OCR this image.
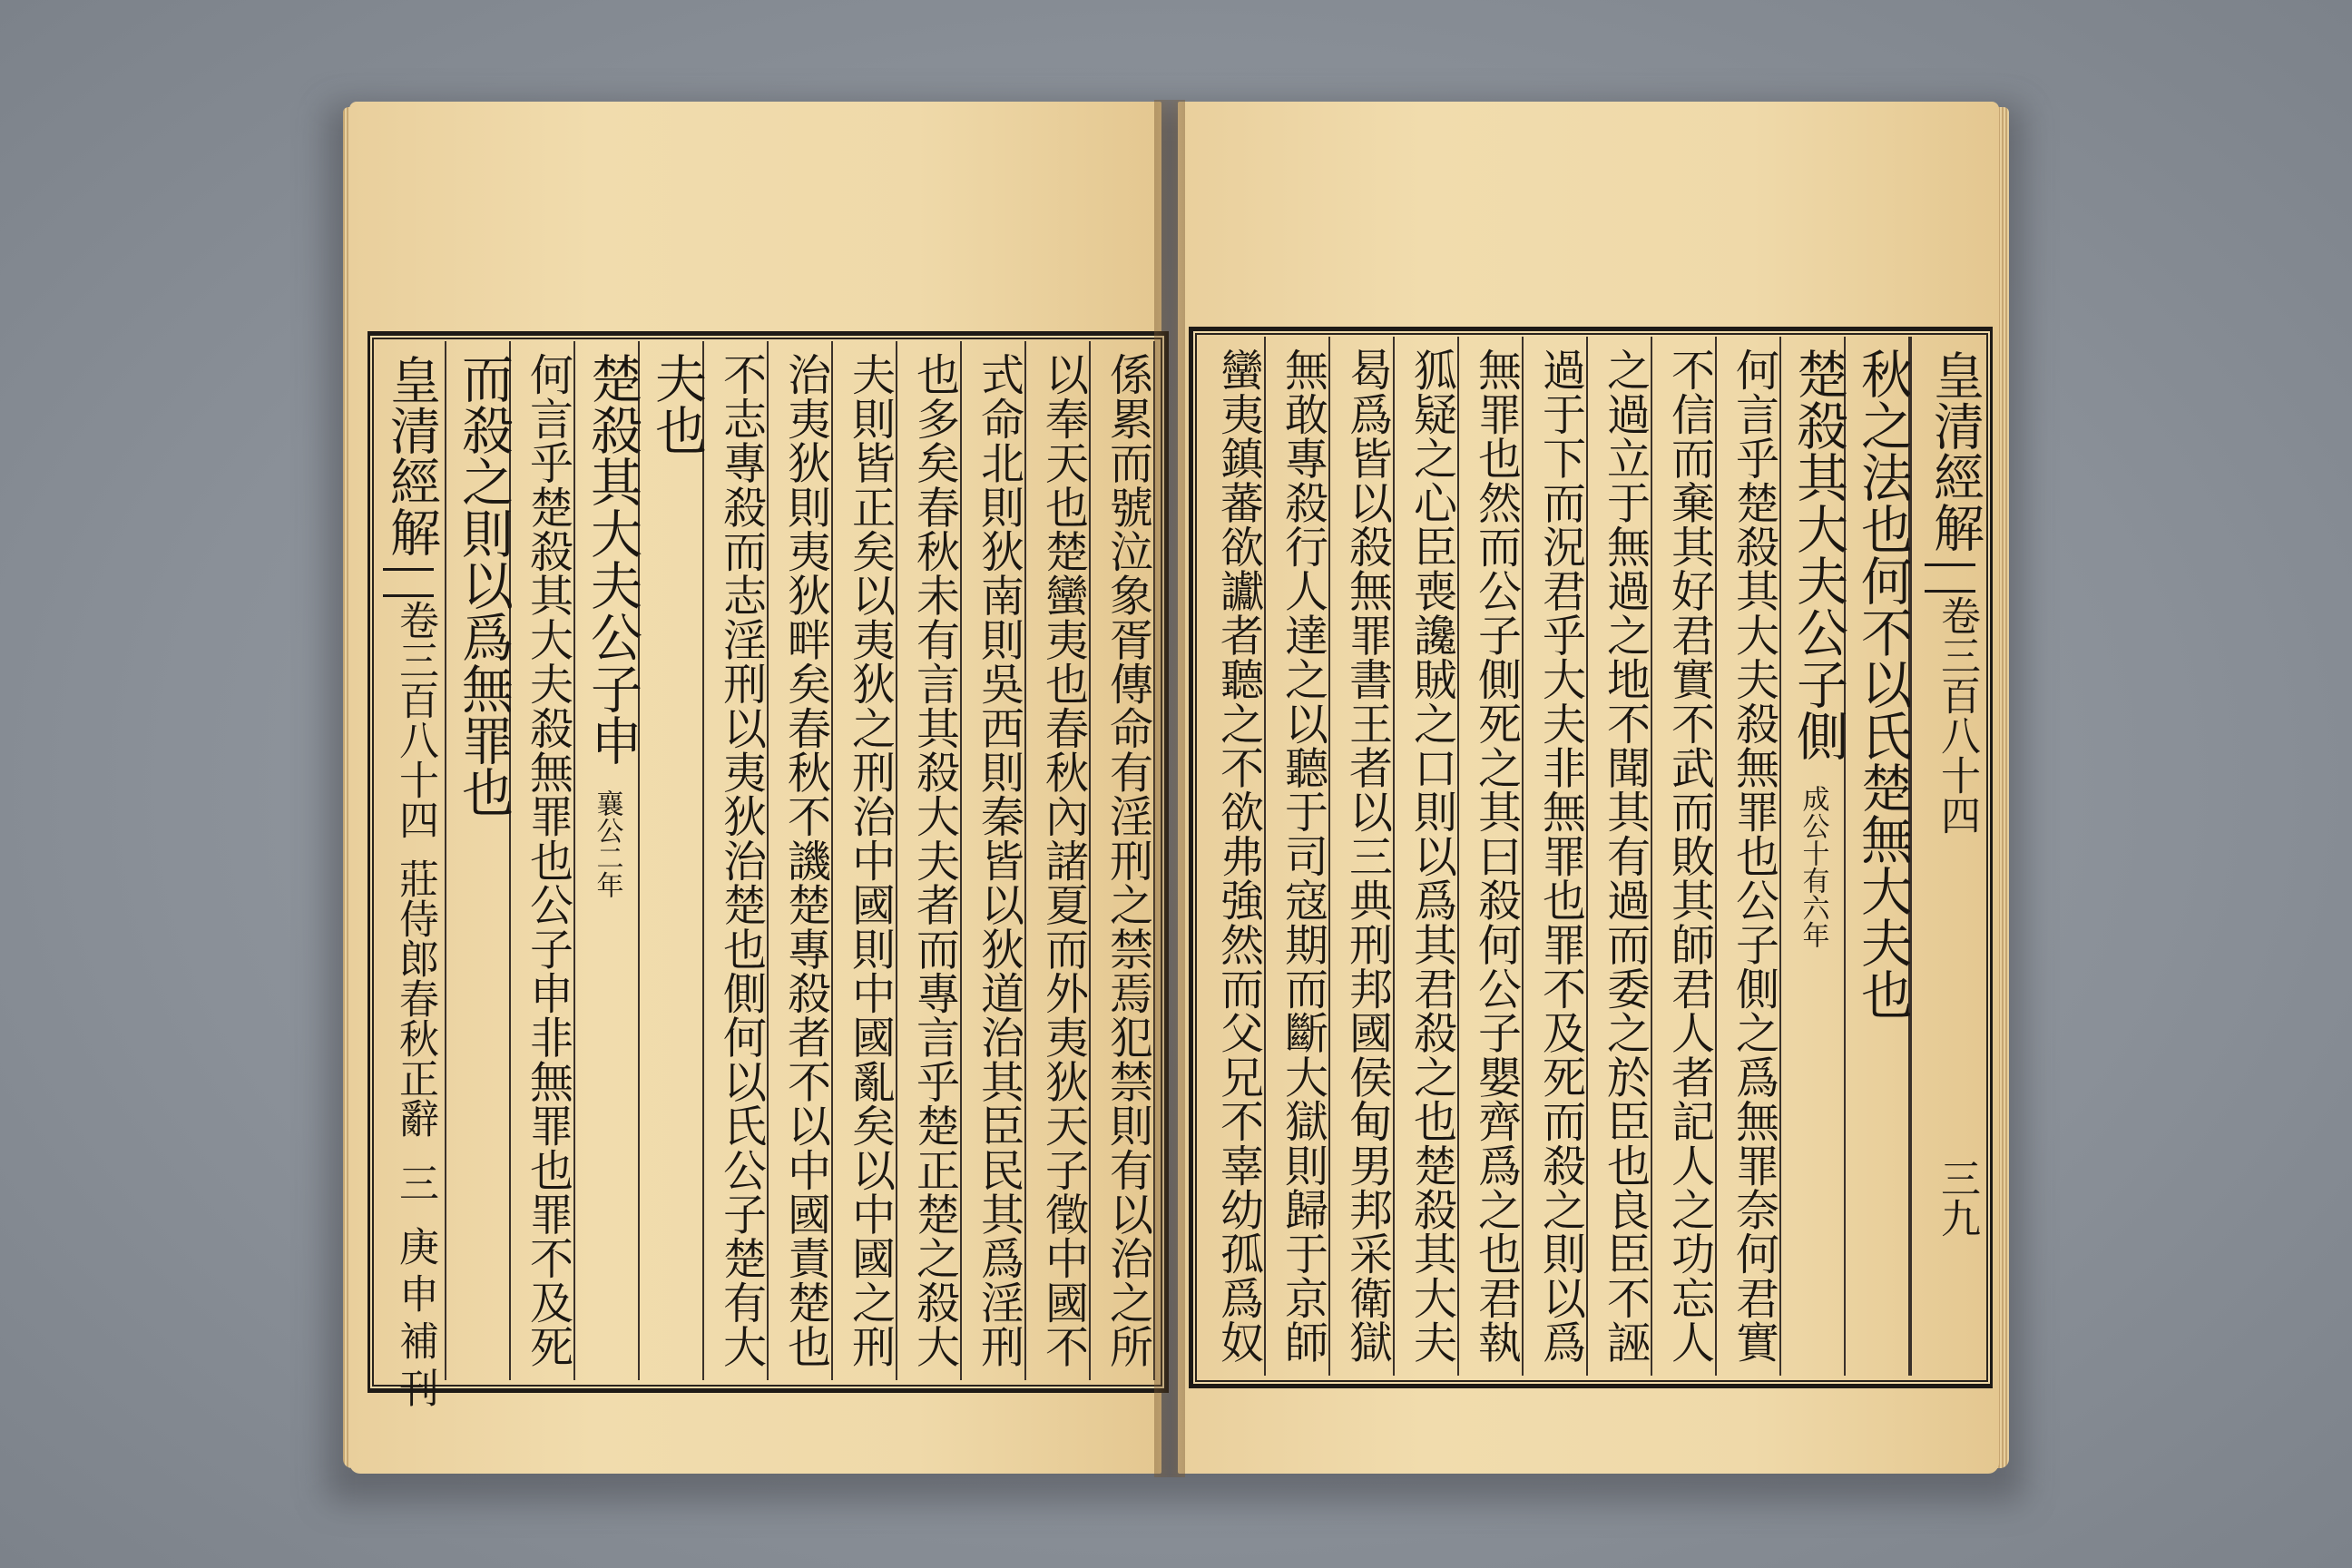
皇清經解
卷三百八十四
莊侍郎春秋正辭
三
庚申補刊
而殺之則以爲無罪也 何言乎楚殺其大夫殺無罪也公子申非無罪也罪不及死 楚殺其大夫公子申
襄公二年
夫也 不志專殺而志淫刑以夷狄治楚也側何以氏公子楚有大 治夷狄則夷狄畔矣春秋不譏楚專殺者不以中國責楚也 夫則皆正矣以夷狄之刑治中國則中國亂矣以中國之刑 也多矣春秋未有言其殺大夫者而專言乎楚正楚之殺大 式命北則狄南則吳西則秦皆以狄道治其臣民其爲淫刑 以奉天也楚蠻夷也春秋內諸夏而外夷狄天子徵中國不 係累而號泣象胥傳命有淫刑之禁焉犯禁則有以治之所	秋之法也何不以氏楚無大夫也
楚殺其大夫公子側
成公十有六年
何言乎楚殺其大夫殺無罪也公子側之爲無罪奈何君實
不信而棄其好君實不武而敗其師君人者記人之功忘人
之過立于無過之地不聞其有過而委之於臣也良臣不誣
過于下而況君乎大夫非無罪也罪不及死而殺之則以爲
無罪也然而公子側死之其曰殺何公子嬰齊爲之也君執
狐疑之心臣喪讒賊之口則以爲其君殺之也楚殺其大夫
曷爲皆以殺無罪書王者以三典刑邦國侯甸男邦采衛獄
無敢專殺行人達之以聽于司寇期而斷大獄則歸于京師
蠻夷鎮蕃欲讞者聽之不欲弗強然而父兄不辜幼孤爲奴	皇清經解
卷三百八十四
三九
